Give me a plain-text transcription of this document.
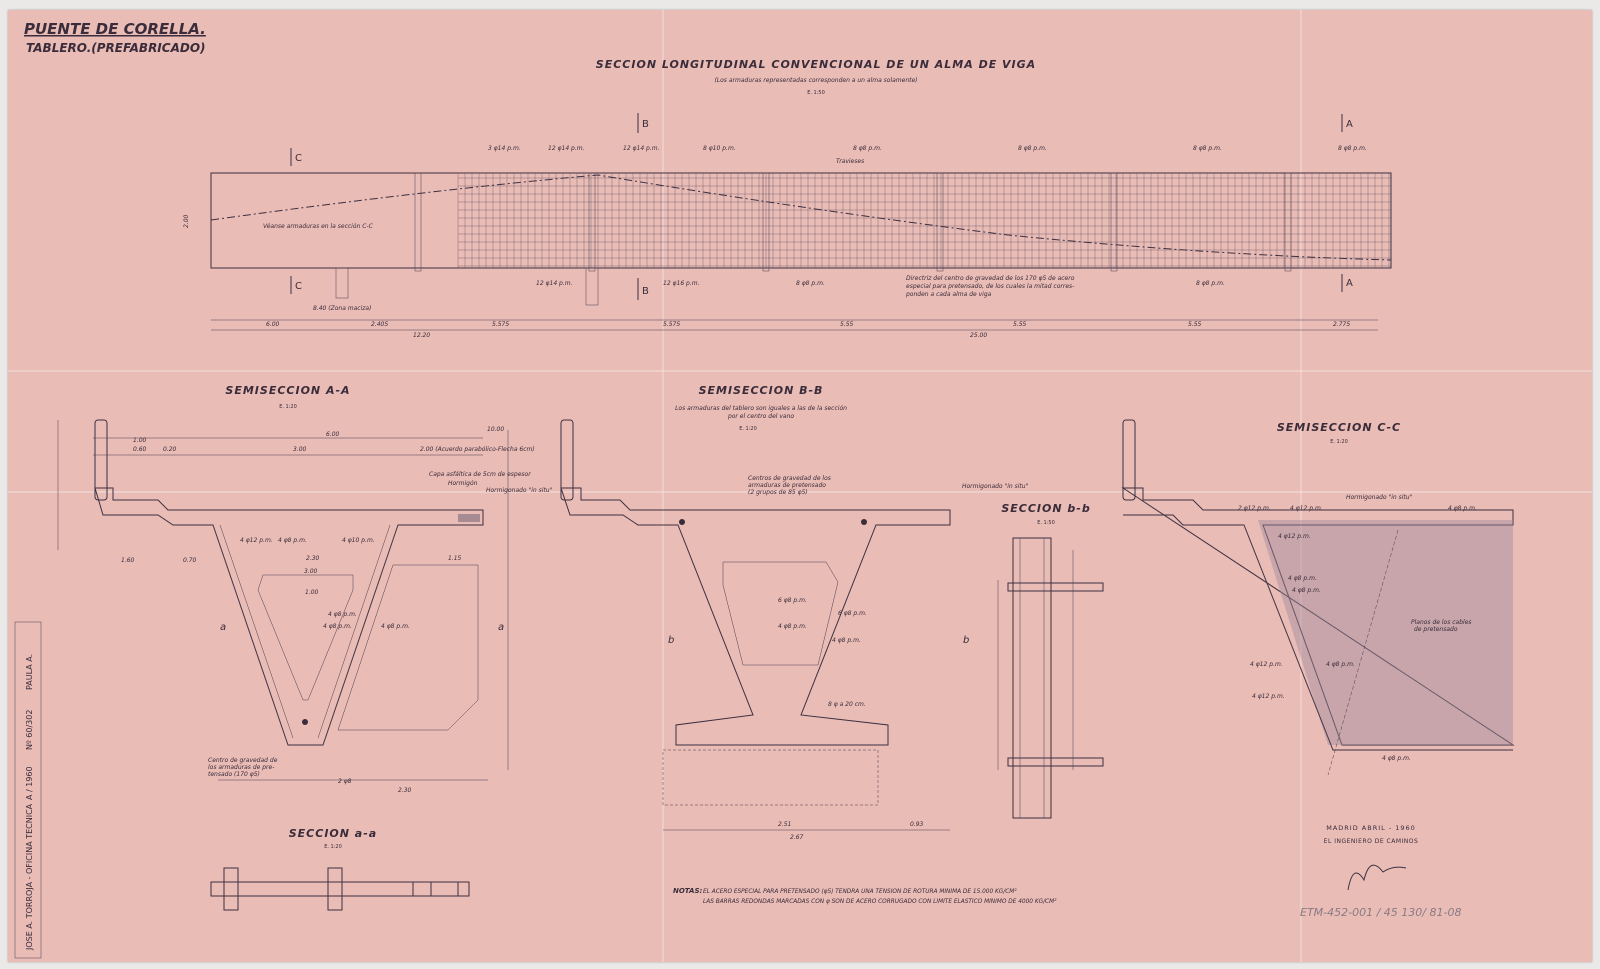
PUENTE DE CORELLA.
TABLERO.(PREFABRICADO)
SECCION LONGITUDINAL CONVENCIONAL DE UN ALMA DE VIGA
(Los armaduras representadas corresponden a un alma solamente)
E. 1:50
B
B
C
C
A
A
Travieses
Véanse armaduras en la sección C-C
2.00
Directriz del centro de gravedad de los 170 φ5 de acero
especial para pretensado, de los cuales la mitad corres-
ponden a cada alma de viga
3 φ14 p.m.	12 φ14 p.m.	12 φ14 p.m.	8 φ10 p.m.	8 φ8 p.m.	8 φ8 p.m.	8 φ8 p.m.	8 φ8 p.m.
12 φ14 p.m.	12 φ16 p.m.	8 φ8 p.m.	8 φ8 p.m.
8.40 (Zona maciza)
6.00	2.405	5.575	5.575	5.55	5.55	5.55	2.775
12.20	25.00
SEMISECCION A-A
E. 1:20
Capa asfáltica de 5cm de espesor
Hormigón
Hormigonado "in situ"
Centro de gravedad de
los armaduras de pre-
tensado (170 φ5)
6.00
1.00
0.60	0.20	3.00	2.00 (Acuerdo parabólico-Flecha 6cm)
10.00
1.15
2.30
3.00
1.00
2.30
1.60	0.70
4 φ12 p.m. 4 φ8 p.m.	4 φ10 p.m.
4 φ8 p.m.
4 φ8 p.m.	4 φ8 p.m.
2 φ8
a	a
SEMISECCION B-B
Los armaduras del tablero son iguales a las de la sección
por el centro del vano
E. 1:20
Centros de gravedad de los
armaduras de pretensado
(2 grupos de 85 φ5)
Hormigonado "in situ"
6 φ8 p.m.
4 φ8 p.m.
6 φ8 p.m.
4 φ8 p.m.
8 φ a 20 cm.
2.51
2.67
0.93
b	b
SECCION b-b
E. 1:50
SEMISECCION C-C
E. 1:20
Hormigonado "in situ"
Planos de los cables
de pretensado
2 φ12 p.m.	4 φ12 p.m.	4 φ8 p.m.
4 φ12 p.m.
4 φ8 p.m.
4 φ8 p.m.
4 φ12 p.m.	4 φ8 p.m.
4 φ12 p.m.
4 φ8 p.m.
SECCION a-a
E. 1:20
NOTAS: EL ACERO ESPECIAL PARA PRETENSADO (φ5) TENDRA UNA TENSION DE ROTURA MINIMA DE 15.000 KG/CM²
LAS BARRAS REDONDAS MARCADAS CON φ SON DE ACERO CORRUGADO CON LIMITE ELASTICO MINIMO DE 4000 KG/CM²
MADRID ABRIL - 1960
EL INGENIERO DE CAMINOS
ETM-452-001 / 45 130/ 81-08
JOSE A. TORROJA - OFICINA TECNICA
A / 1960
Nº 60/302
PAULA A.
